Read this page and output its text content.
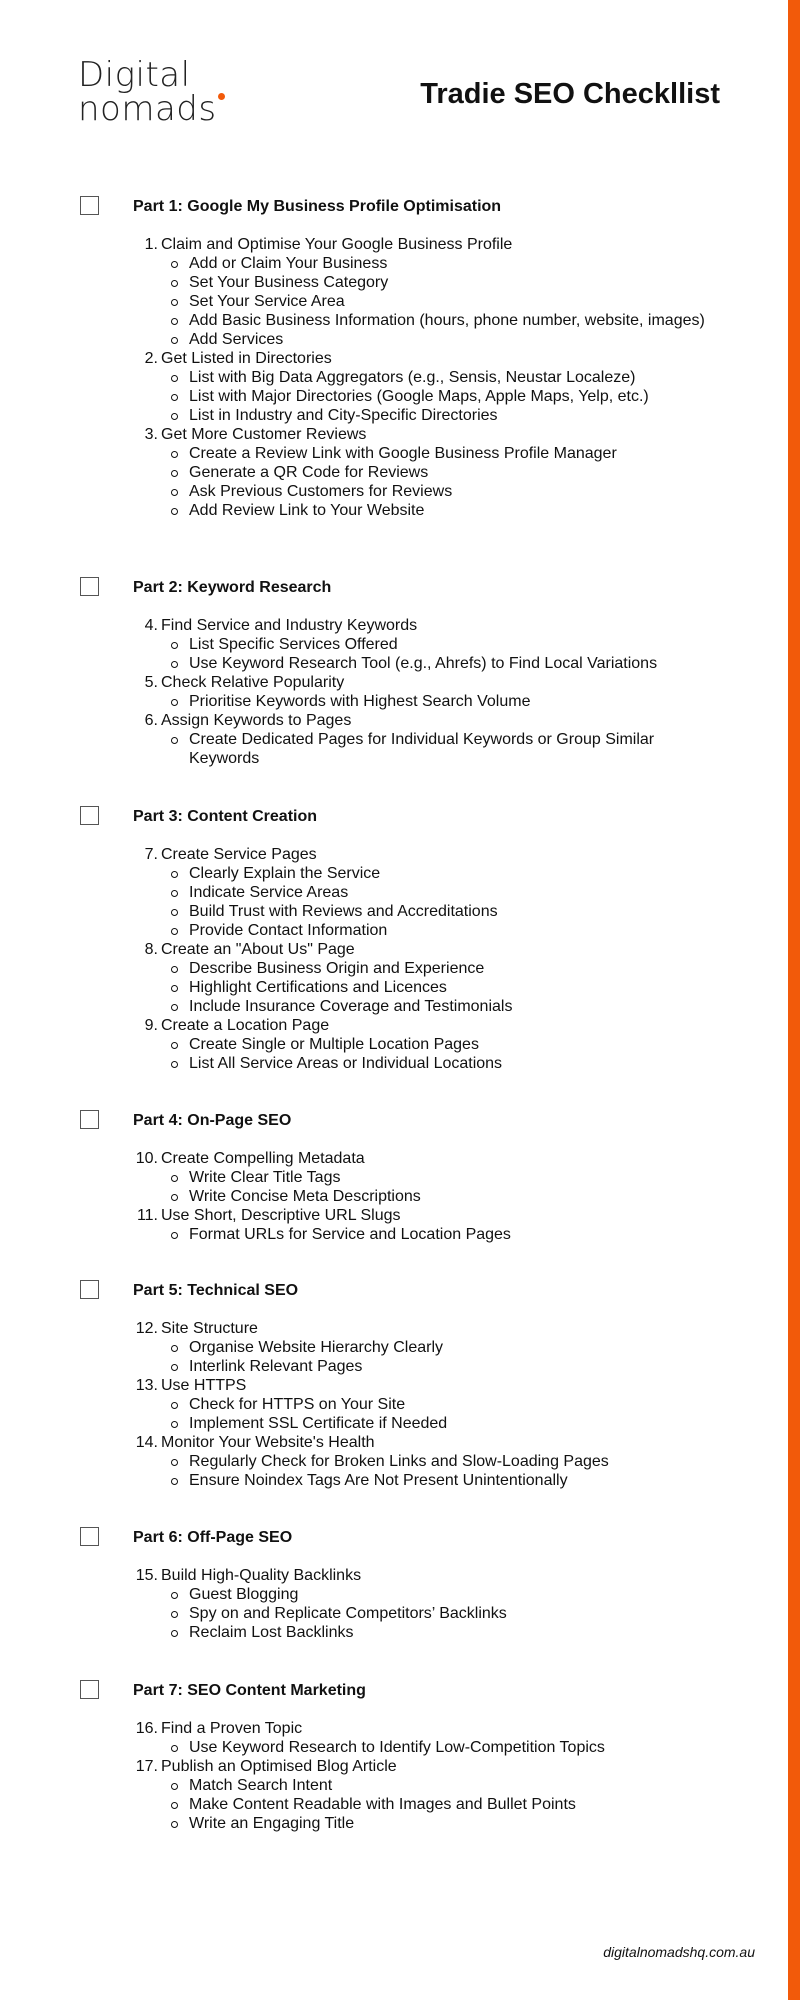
Digital
nomads	Tradie SEO Checkllist
Part 1: Google My Business Profile Optimisation
1. Claim and Optimise Your Google Business Profile
Add or Claim Your Business
Set Your Business Category
Set Your Service Area
Add Basic Business Information (hours, phone number, website, images)
Add Services
2. Get Listed in Directories
List with Big Data Aggregators (e.g., Sensis, Neustar Localeze)
List with Major Directories (Google Maps, Apple Maps, Yelp, etc.)
List in Industry and City-Specific Directories
3. Get More Customer Reviews
Create a Review Link with Google Business Profile Manager
Generate a QR Code for Reviews
Ask Previous Customers for Reviews
Add Review Link to Your Website
Part 2: Keyword Research
4. Find Service and Industry Keywords
List Specific Services Offered
Use Keyword Research Tool (e.g., Ahrefs) to Find Local Variations
5. Check Relative Popularity
Prioritise Keywords with Highest Search Volume
6. Assign Keywords to Pages
Create Dedicated Pages for Individual Keywords or Group Similar Keywords
Part 3: Content Creation
7. Create Service Pages
Clearly Explain the Service
Indicate Service Areas
Build Trust with Reviews and Accreditations
Provide Contact Information
8. Create an "About Us" Page
Describe Business Origin and Experience
Highlight Certifications and Licences
Include Insurance Coverage and Testimonials
9. Create a Location Page
Create Single or Multiple Location Pages
List All Service Areas or Individual Locations
Part 4: On-Page SEO
10. Create Compelling Metadata
Write Clear Title Tags
Write Concise Meta Descriptions
11. Use Short, Descriptive URL Slugs
Format URLs for Service and Location Pages
Part 5: Technical SEO
12. Site Structure
Organise Website Hierarchy Clearly
Interlink Relevant Pages
13. Use HTTPS
Check for HTTPS on Your Site
Implement SSL Certificate if Needed
14. Monitor Your Website's Health
Regularly Check for Broken Links and Slow-Loading Pages
Ensure Noindex Tags Are Not Present Unintentionally
Part 6: Off-Page SEO
15. Build High-Quality Backlinks
Guest Blogging
Spy on and Replicate Competitors’ Backlinks
Reclaim Lost Backlinks
Part 7: SEO Content Marketing
16. Find a Proven Topic
Use Keyword Research to Identify Low-Competition Topics
17. Publish an Optimised Blog Article
Match Search Intent
Make Content Readable with Images and Bullet Points
Write an Engaging Title
digitalnomadshq.com.au
